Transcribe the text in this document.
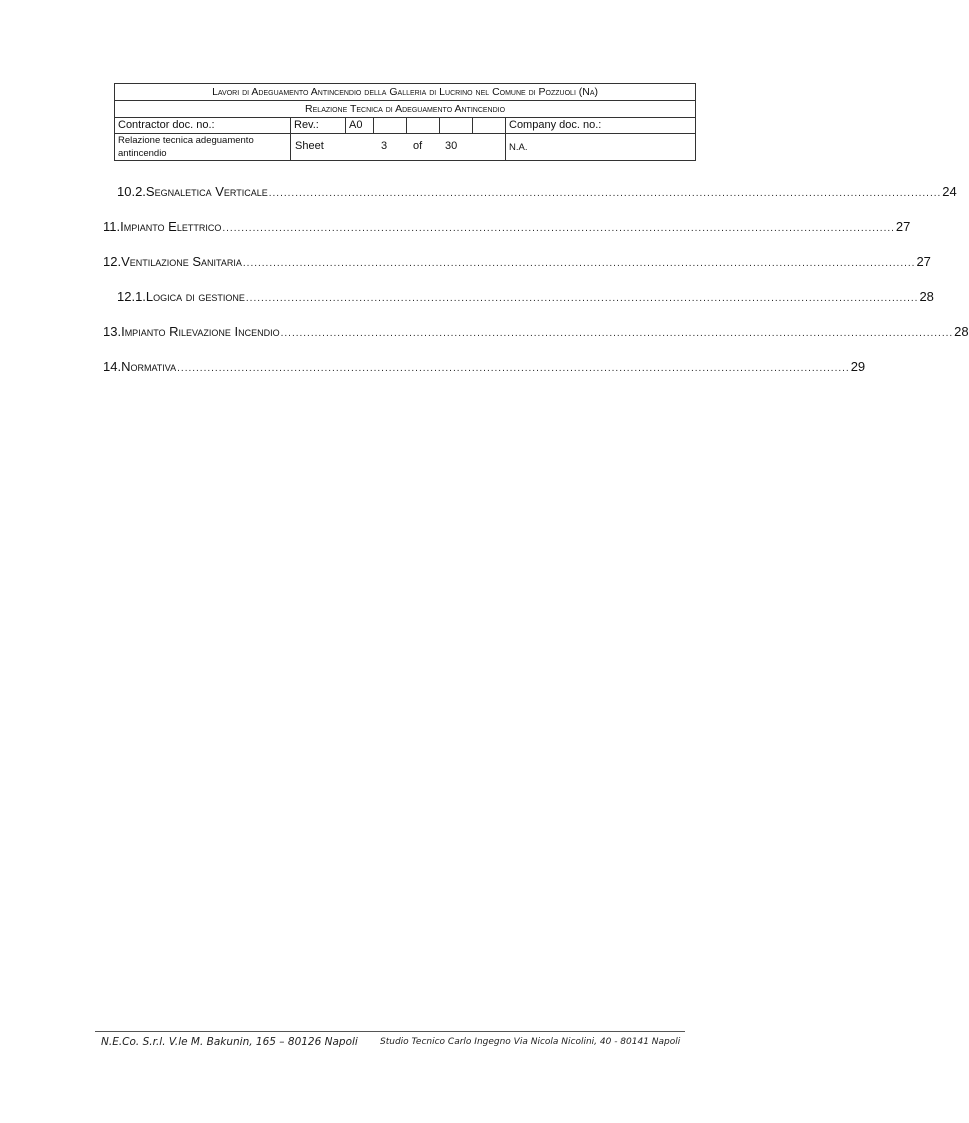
Lavori di Adeguamento Antincendio della Galleria di Lucrino nel Comune di Pozzuoli (Na)							
Relazione Tecnica di Adeguamento Antincendio							
Contractor doc. no.:	Rev.:	A0					Company doc. no.:
Relazione tecnica adeguamento antincendio	Sheet 3 of 30						N.A.
10.2. Segnaletica Verticale .................................................................................................................................................................................. 24
11. Impianto Elettrico .................................................................................................................................................................................. 27
12. Ventilazione Sanitaria .................................................................................................................................................................................. 27
12.1. Logica di gestione .................................................................................................................................................................................. 28
13. Impianto Rilevazione Incendio .................................................................................................................................................................................. 28
14. Normativa .................................................................................................................................................................................. 29
N.E.Co. S.r.l. V.le M. Bakunin, 165 – 80126 Napoli Studio Tecnico Carlo Ingegno Via Nicola Nicolini, 40 - 80141 Napoli
